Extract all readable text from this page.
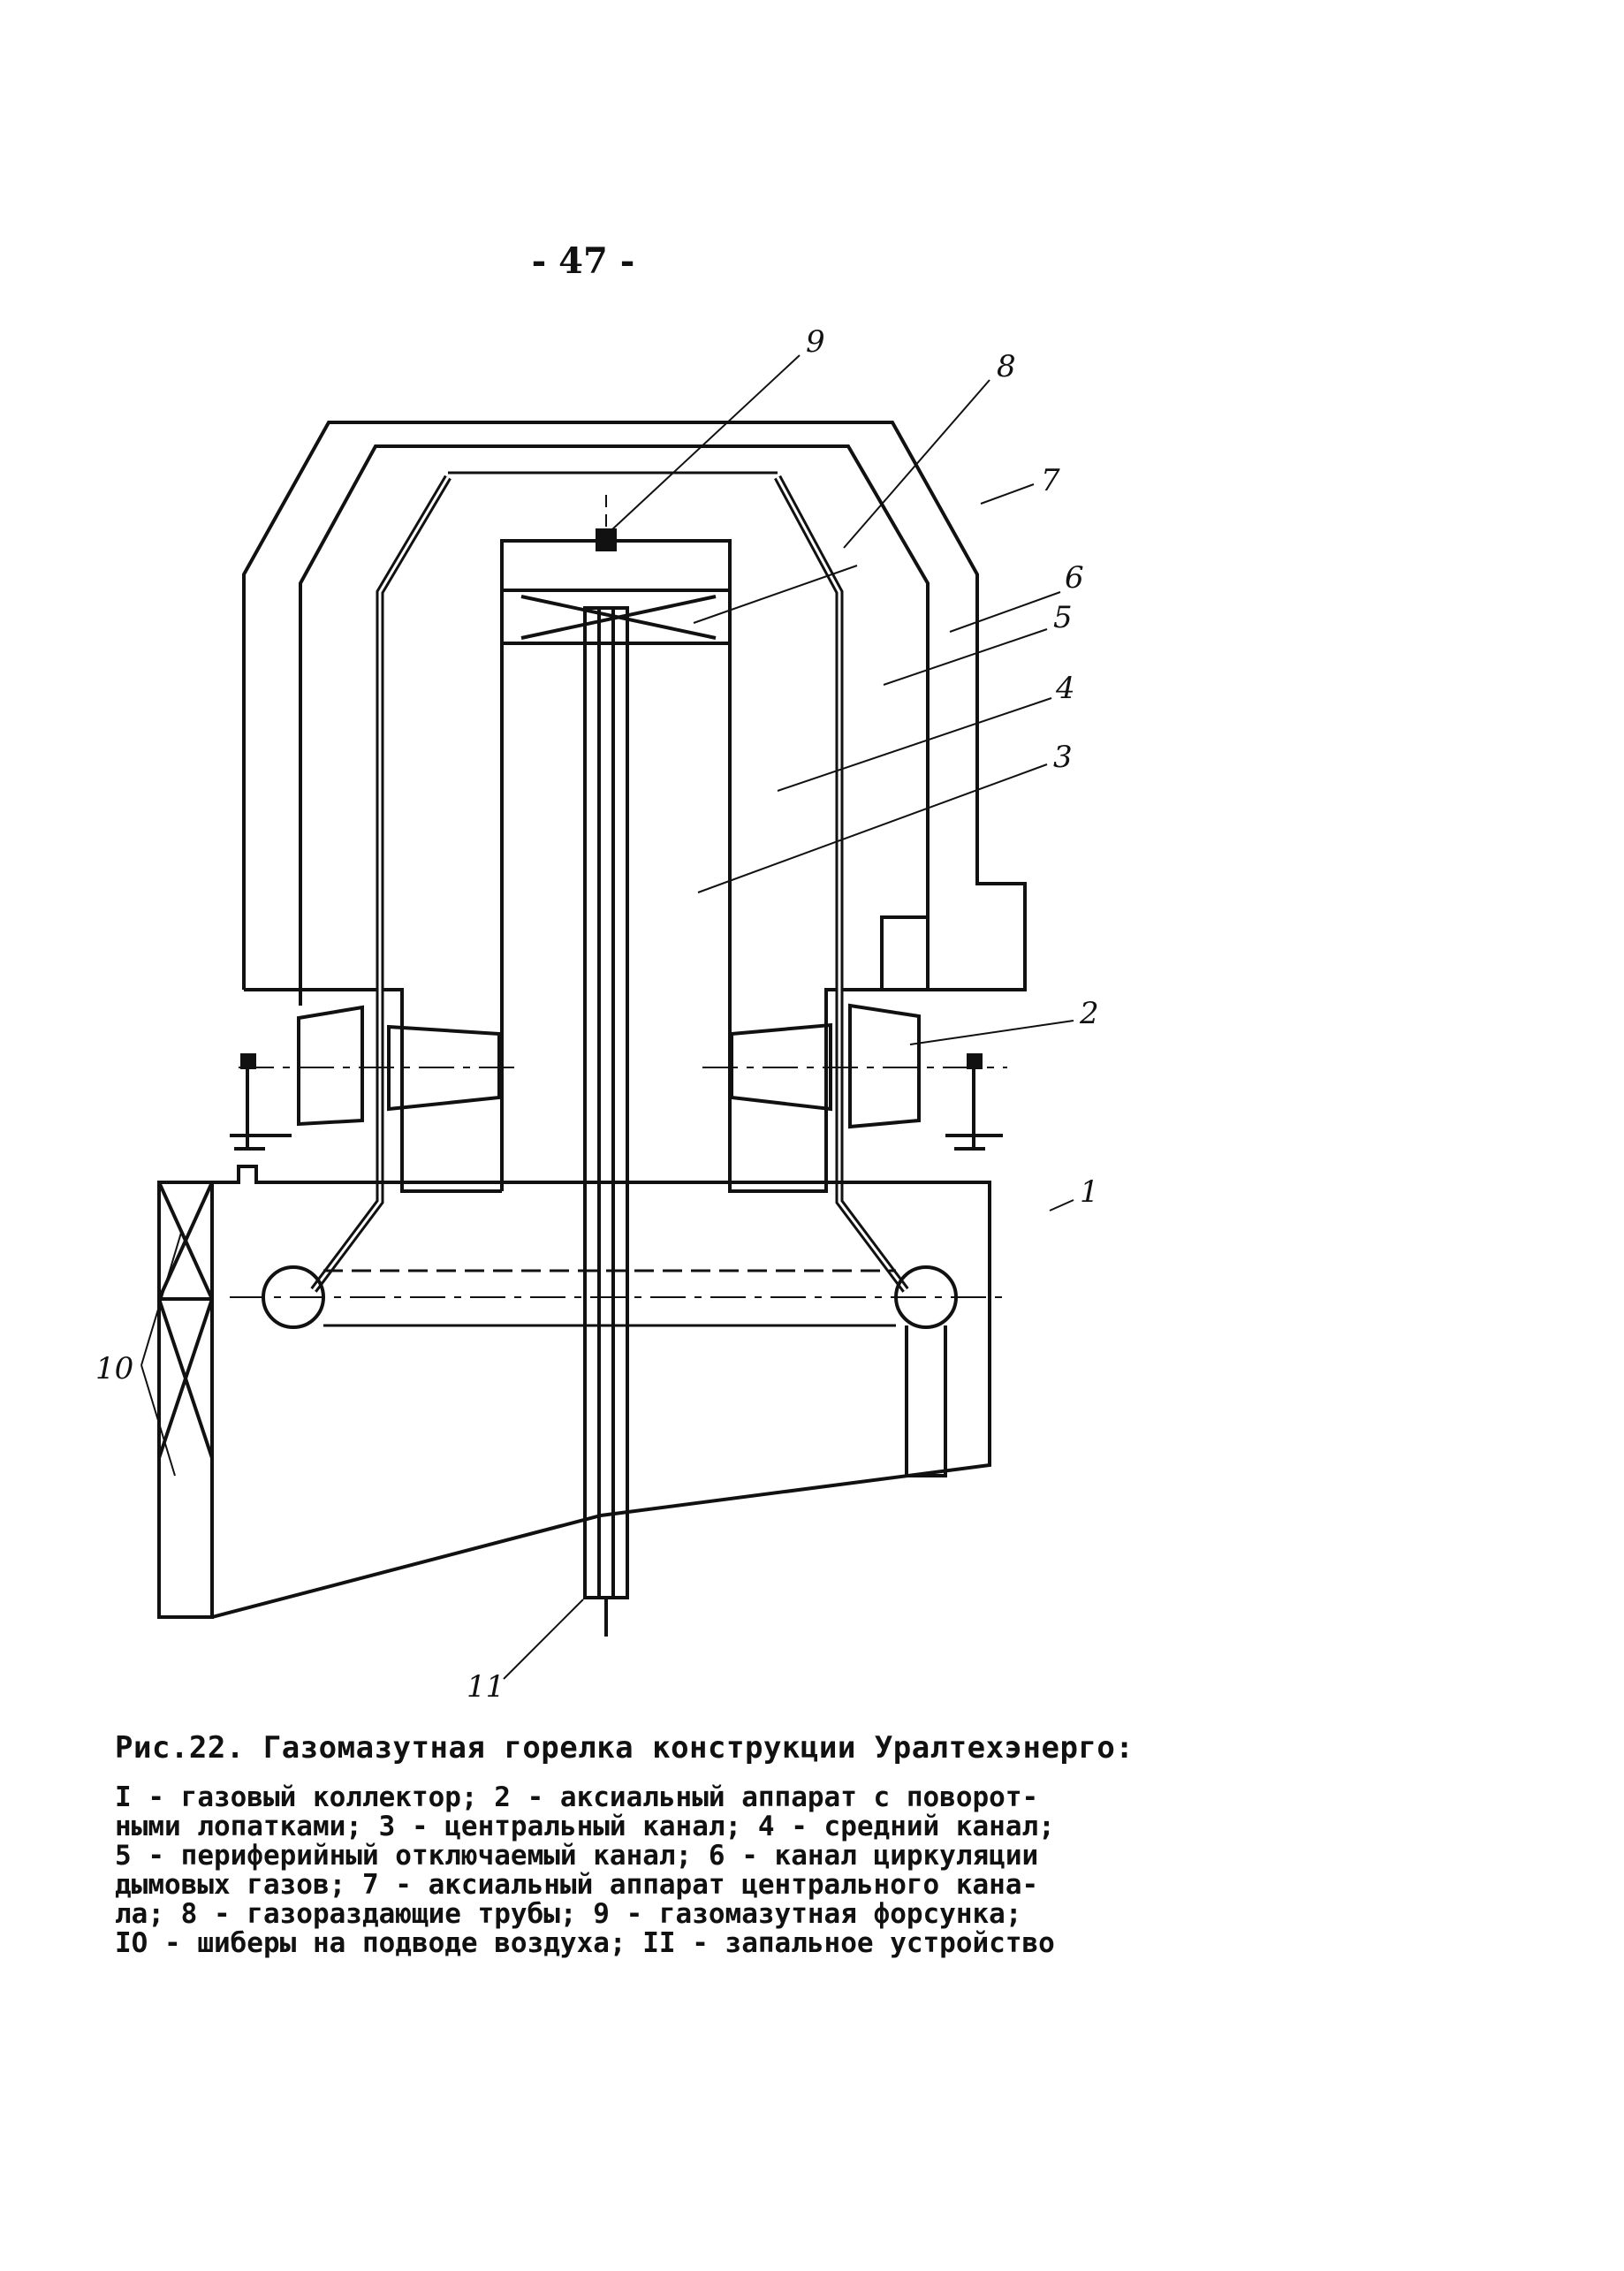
- 47 -
9
8
7
6
5
4
3
2
1
10
11
Рис.22. Газомазутная горелка конструкции Уралтехэнерго:
I - газовый коллектор; 2 - аксиальный аппарат с поворот-
ными лопатками; 3 - центральный канал; 4 - средний канал;
5 - периферийный отключаемый канал; 6 - канал циркуляции
дымовых газов; 7 - аксиальный аппарат центрального кана-
ла; 8 - газораздающие трубы; 9 - газомазутная форсунка;
IO - шиберы на подводе воздуха; II - запальное устройство
